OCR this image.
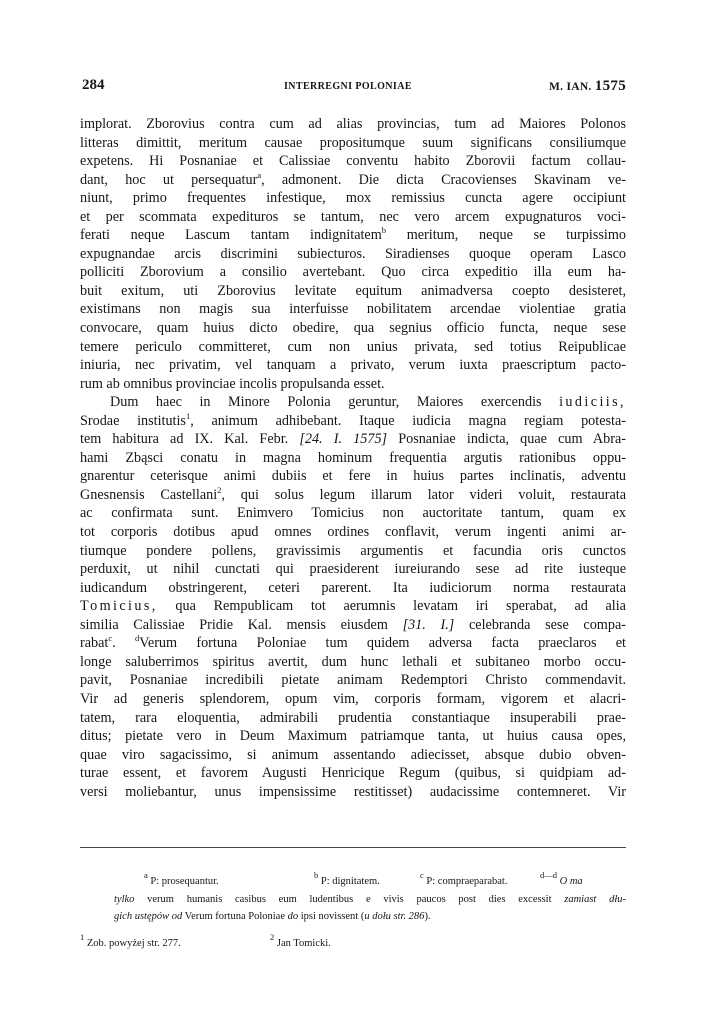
284	INTERREGNI POLONIAE	M. IAN. 1575
implorat. Zborovius contra cum ad alias provincias, tum ad Maiores Polonos
litteras dimittit, meritum causae propositumque suum significans consiliumque
expetens. Hi Posnaniae et Calissiae conventu habito Zborovii factum collau-
dant, hoc ut persequatur$^a$, admonent. Die dicta Cracovienses Skavinam ve-
niunt, primo frequentes infestique, mox remissius cuncta agere occipiunt
et per scommata expedituros se tantum, nec vero arcem expugnaturos voci-
ferati neque Lascum tantam indignitatem$^b$ meritum, neque se turpissimo
expugnandae arcis discrimini subiecturos. Siradienses quoque operam Lasco
polliciti Zborovium a consilio avertebant. Quo circa expeditio illa eum ha-
buit exitum, uti Zborovius levitate equitum animadversa coepto desisteret,
existimans non magis sua interfuisse nobilitatem arcendae violentiae gratia
convocare, quam huius dicto obedire, qua segnius officio functa, neque sese
temere periculo committeret, cum non unius privata, sed totius Reipublicae
iniuria, nec privatim, vel tanquam a privato, verum iuxta praescriptum pacto-
rum ab omnibus provinciae incolis propulsanda esset.
Dum haec in Minore Polonia geruntur, Maiores exercendis iudiciis,
Srodae institutis$^1$, animum adhibebant. Itaque iudicia magna regiam potesta-
tem habitura ad IX. Kal. Febr. [24. I. 1575] Posnaniae indicta, quae cum Abra-
hami Zbąsci conatu in magna hominum frequentia argutis rationibus oppu-
gnarentur ceterisque animi dubiis et fere in huius partes inclinatis, adventu
Gnesnensis Castellani$^2$, qui solus legum illarum lator videri voluit, restaurata
ac confirmata sunt. Enimvero Tomicius non auctoritate tantum, quam ex
tot corporis dotibus apud omnes ordines conflavit, verum ingenti animi ar-
tiumque pondere pollens, gravissimis argumentis et facundia oris cunctos
perduxit, ut nihil cunctati qui praesiderent iureiurando sese ad rite iusteque
iudicandum obstringerent, ceteri parerent. Ita iudiciorum norma restaurata
Tomicius, qua Rempublicam tot aerumnis levatam iri sperabat, ad alia
similia Calissiae Pridie Kal. mensis eiusdem [31. I.] celebranda sese compa-
rabat$^c$. $^d$Verum fortuna Poloniae tum quidem adversa facta praeclaros et
longe saluberrimos spiritus avertit, dum hunc lethali et subitaneo morbo occu-
pavit, Posnaniae incredibili pietate animam Redemptori Christo commendavit.
Vir ad generis splendorem, opum vim, corporis formam, vigorem et alacri-
tatem, rara eloquentia, admirabili prudentia constantiaque insuperabili prae-
ditus; pietate vero in Deum Maximum patriamque tanta, ut huius causa opes,
quae viro sagacissimo, si animum assentando adiecisset, absque dubio obven-
turae essent, et favorem Augusti Henricique Regum (quibus, si quidpiam ad-
versi moliebantur, unus impensissime restitisset) audacissime contemneret. Vir
$^a$ P: prosequantur.
$^b$ P: dignitatem.
$^c$ P: compraeparabat.
$^{d—d}$ O ma
tylko verum humanis casibus eum ludentibus e vivis paucos post dies excessit zamiast dłu-
gich ustępów od Verum fortuna Poloniae do ipsi novissent (u dołu str. 286).
$^1$ Zob. powyżej str. 277.
$^2$ Jan Tomicki.
